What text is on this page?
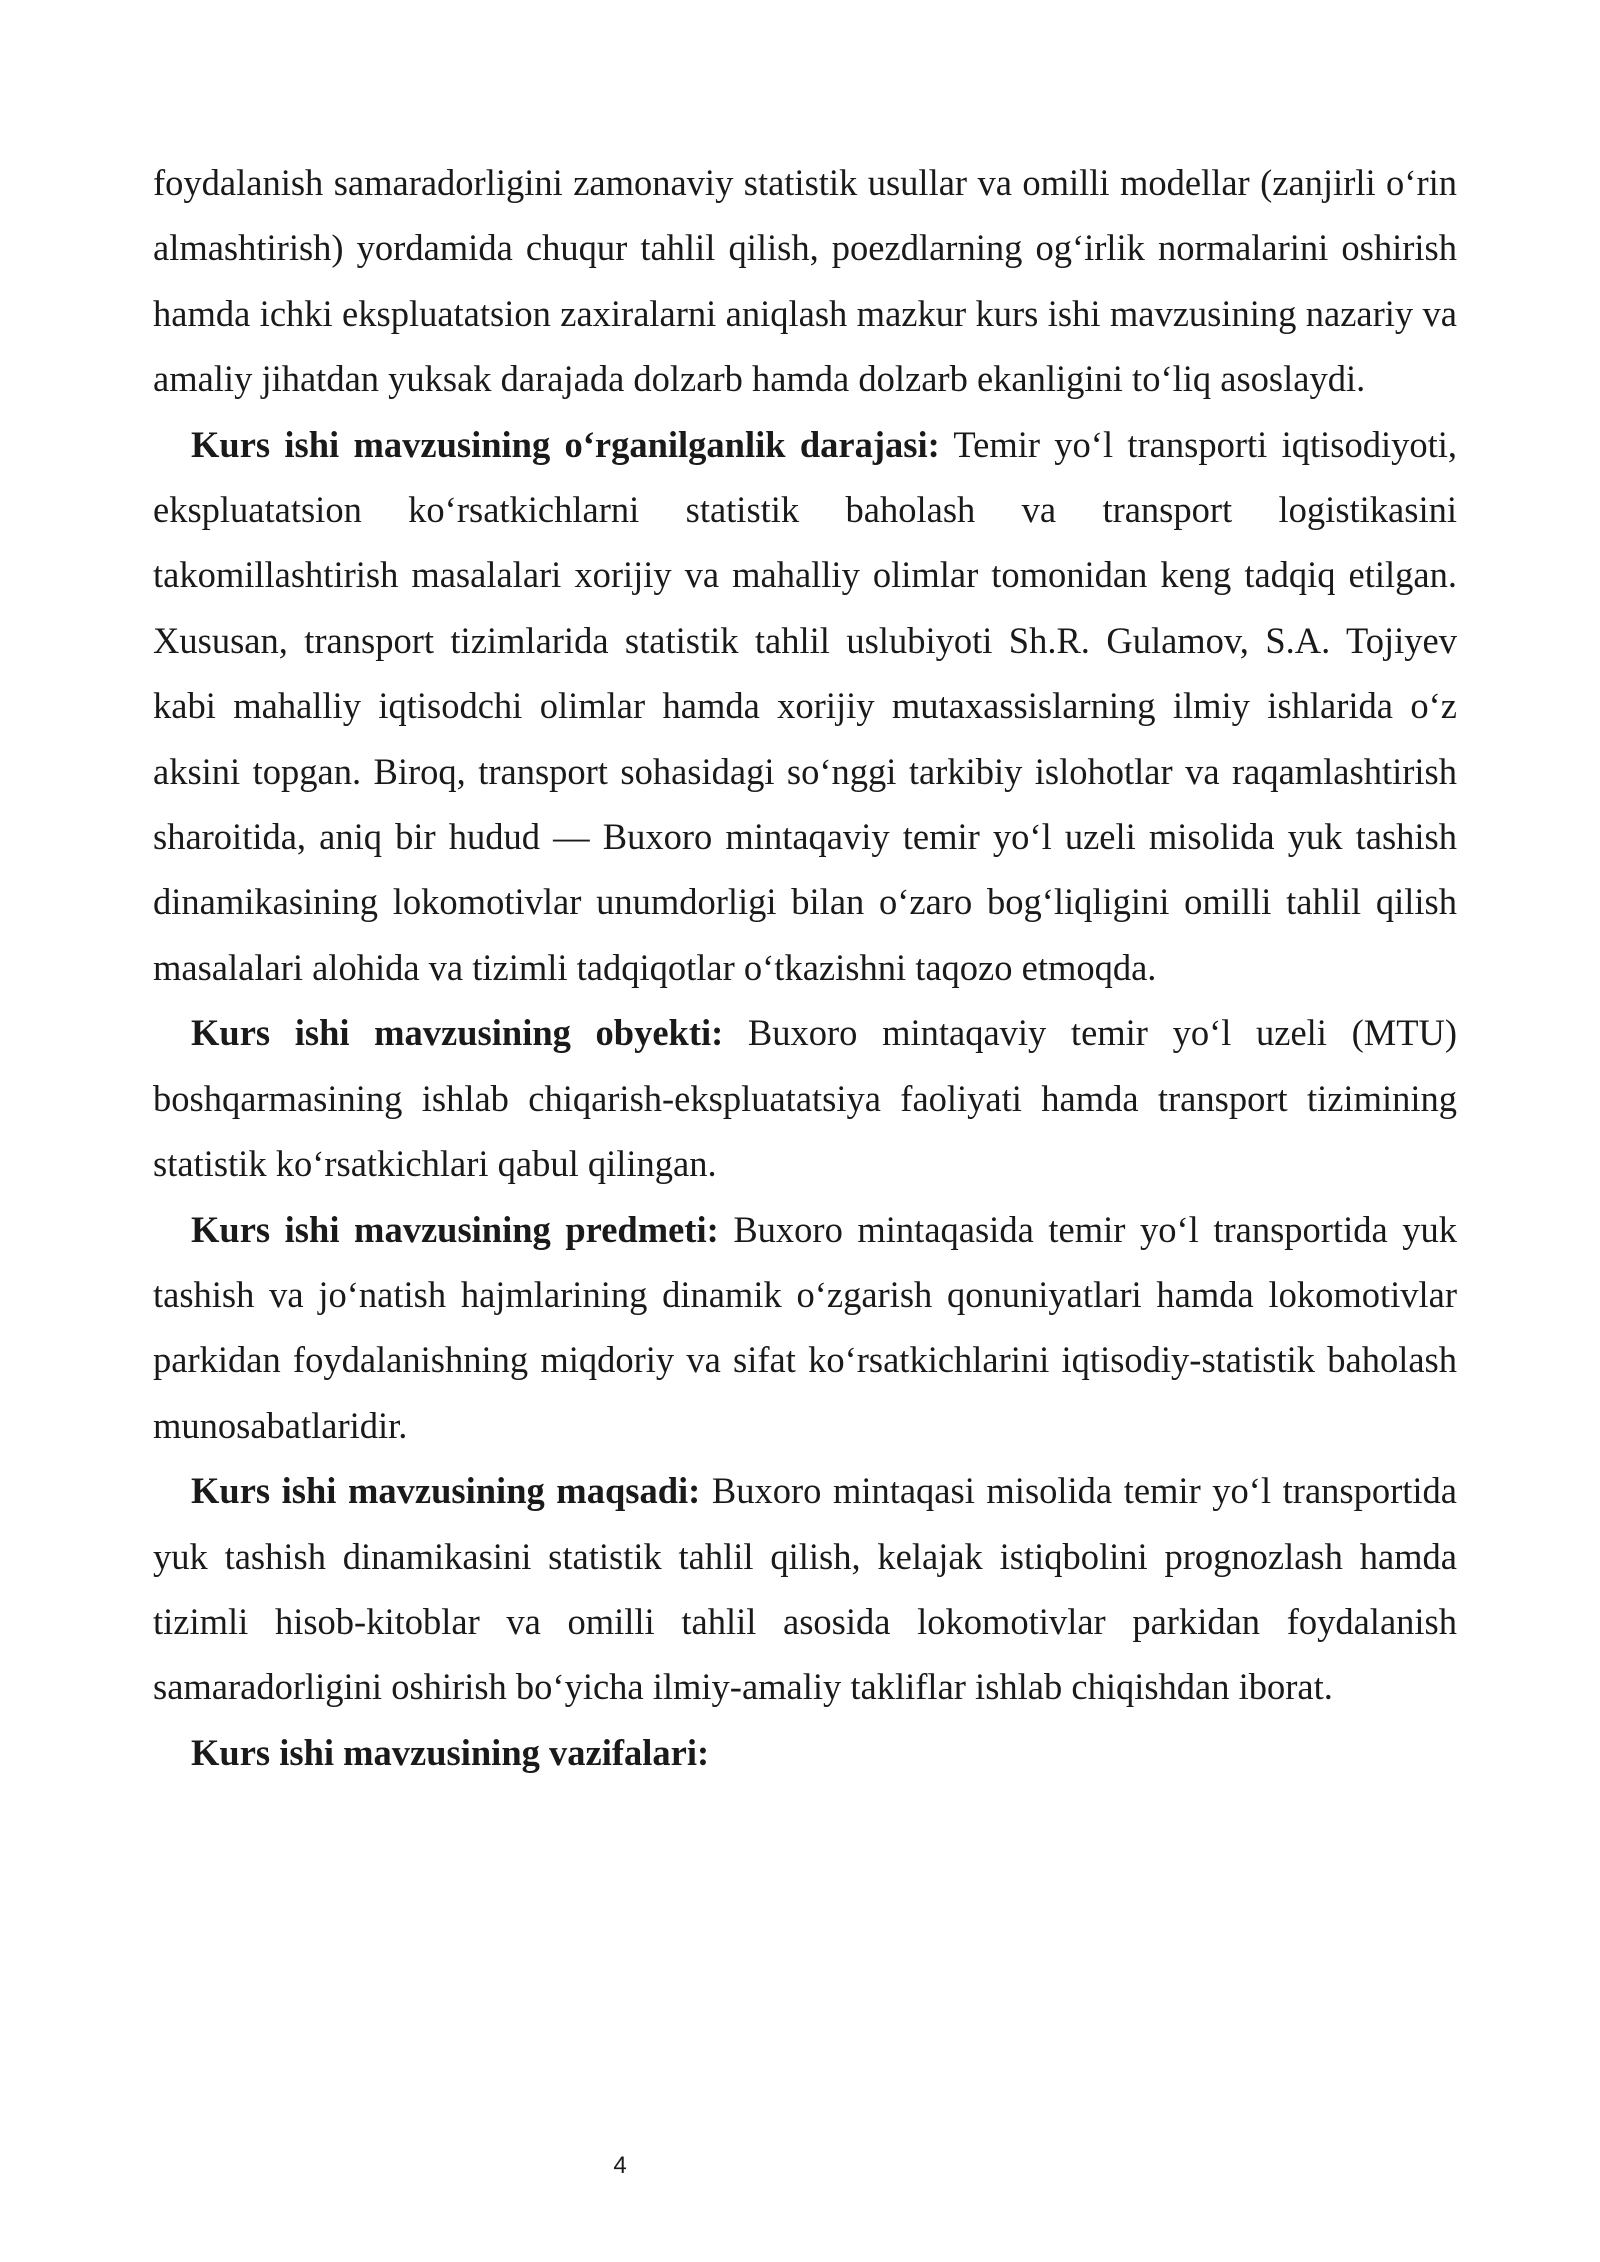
foydalanish samaradorligini zamonaviy statistik usullar va omilli modellar (zanjirli o‘rin almashtirish) yordamida chuqur tahlil qilish, poezdlarning og‘irlik normalarini oshirish hamda ichki ekspluatatsion zaxiralarni aniqlash mazkur kurs ishi mavzusining nazariy va amaliy jihatdan yuksak darajada dolzarb hamda dolzarb ekanligini to‘liq asoslaydi.

Kurs ishi mavzusining o‘rganilganlik darajasi: Temir yo‘l transporti iqtisodiyoti, ekspluatatsion ko‘rsatkichlarni statistik baholash va transport logistikasini takomillashtirish masalalari xorijiy va mahalliy olimlar tomonidan keng tadqiq etilgan. Xususan, transport tizimlarida statistik tahlil uslubiyoti Sh.R. Gulamov, S.A. Tojiyev kabi mahalliy iqtisodchi olimlar hamda xorijiy mutaxassislarning ilmiy ishlarida o‘z aksini topgan. Biroq, transport sohasidagi so‘nggi tarkibiy islohotlar va raqamlashtirish sharoitida, aniq bir hudud — Buxoro mintaqaviy temir yo‘l uzeli misolida yuk tashish dinamikasining lokomotivlar unumdorligi bilan o‘zaro bog‘liqligini omilli tahlil qilish masalalari alohida va tizimli tadqiqotlar o‘tkazishni taqozo etmoqda.

Kurs ishi mavzusining obyekti: Buxoro mintaqaviy temir yo‘l uzeli (MTU) boshqarmasining ishlab chiqarish-ekspluatatsiya faoliyati hamda transport tizimining statistik ko‘rsatkichlari qabul qilingan.

Kurs ishi mavzusining predmeti: Buxoro mintaqasida temir yo‘l transportida yuk tashish va jo‘natish hajmlarining dinamik o‘zgarish qonuniyatlari hamda lokomotivlar parkidan foydalanishning miqdoriy va sifat ko‘rsatkichlarini iqtisodiy-statistik baholash munosabatlaridir.

Kurs ishi mavzusining maqsadi: Buxoro mintaqasi misolida temir yo‘l transportida yuk tashish dinamikasini statistik tahlil qilish, kelajak istiqbolini prognozlash hamda tizimli hisob-kitoblar va omilli tahlil asosida lokomotivlar parkidan foydalanish samaradorligini oshirish bo‘yicha ilmiy-amaliy takliflar ishlab chiqishdan iborat.

Kurs ishi mavzusining vazifalari:

4
